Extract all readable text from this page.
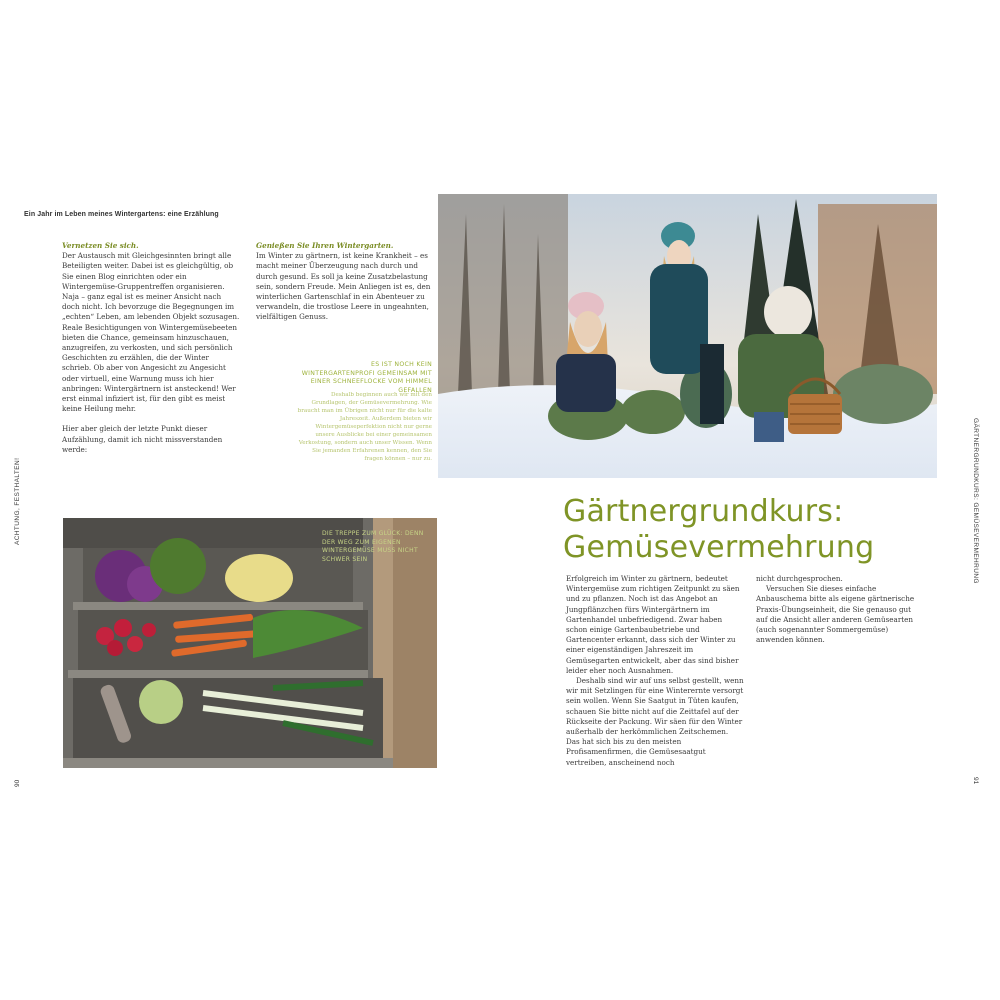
Ein Jahr im Leben meines Wintergartens: eine Erzählung
ACHTUNG, FESTHALTEN!	GÄRTNERGRUNDKURS: GEMÜSEVERMEHRUNG
90	91

Vernetzen Sie sich.

Der Austausch mit Gleichgesinnten bringt alle Beteiligten weiter. Dabei ist es gleichgültig, ob Sie einen Blog einrichten oder ein Wintergemüse-Gruppentreffen organisieren. Naja – ganz egal ist es meiner Ansicht nach doch nicht. Ich bevorzuge die Begegnungen im „echten“ Leben, am lebenden Objekt sozusagen. Reale Besichtigungen von Wintergemüsebeeten bieten die Chance, gemeinsam hinzuschauen, anzugreifen, zu verkosten, und sich persönlich Geschichten zu erzählen, die der Winter schrieb. Ob aber von Angesicht zu Angesicht oder virtuell, eine Warnung muss ich hier anbringen: Wintergärtnern ist ansteckend! Wer erst einmal infiziert ist, für den gibt es meist keine Heilung mehr.

Hier aber gleich der letzte Punkt dieser Aufzählung, damit ich nicht missverstanden werde:

Genießen Sie Ihren Wintergarten.

Im Winter zu gärtnern, ist keine Krankheit – es macht meiner Überzeugung nach durch und durch gesund. Es soll ja keine Zusatzbelastung sein, sondern Freude. Mein Anliegen ist es, den winterlichen Gartenschlaf in ein Abenteuer zu verwandeln, die trostlose Leere in ungeahnten, vielfältigen Genuss.

ES IST NOCH KEIN WINTERGARTENPROFI GEMEINSAM MIT EINER SCHNEEFLOCKE VOM HIMMEL GEFALLEN
Deshalb beginnen auch wir mit den Grundlagen, der Gemüsevermehrung. Wie braucht man im Übrigen nicht nur für die kalte Jahreszeit. Außerdem bieten wir Wintergemüseperfektion nicht nur gerne unsere Ausblicke bei einer gemeinsamen Verkostung, sondern auch unser Wissen. Wenn Sie jemanden Erfahrenen kennen, den Sie fragen können – nur zu.
DIE TREPPE ZUM GLÜCK: DENN DER WEG ZUM EIGENEN WINTERGEMÜSE MUSS NICHT SCHWER SEIN
Gärtnergrundkurs:
Gemüsevermehrung

Erfolgreich im Winter zu gärtnern, bedeutet Wintergemüse zum richtigen Zeitpunkt zu säen und zu pflanzen. Noch ist das Angebot an Jungpflänzchen fürs Wintergärtnern im Gartenhandel unbefriedigend. Zwar haben schon einige Gartenbaubetriebe und Gartencenter erkannt, dass sich der Winter zu einer eigenständigen Jahreszeit im Gemüsegarten entwickelt, aber das sind bisher leider eher noch Ausnahmen.

Deshalb sind wir auf uns selbst gestellt, wenn wir mit Setzlingen für eine Winterernte versorgt sein wollen. Wenn Sie Saatgut in Tüten kaufen, schauen Sie bitte nicht auf die Zeittafel auf der Rückseite der Packung. Wir säen für den Winter außerhalb der herkömmlichen Zeitschemen. Das hat sich bis zu den meisten Profisamenfirmen, die Gemüsesaatgut vertreiben, anscheinend noch

nicht durchgesprochen.

Versuchen Sie dieses einfache Anbauschema bitte als eigene gärtnerische Praxis-Übungseinheit, die Sie genauso gut auf die Ansicht aller anderen Gemüsearten (auch sogenannter Sommergemüse) anwenden können.
